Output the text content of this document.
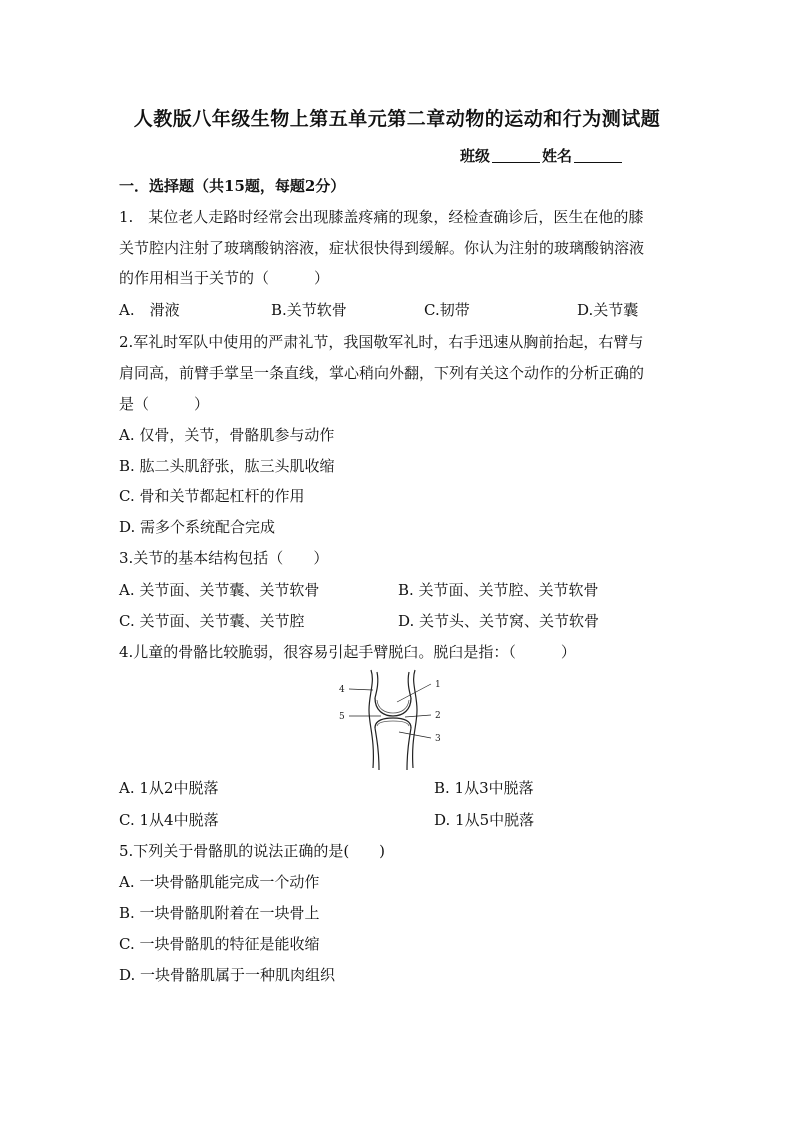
人教版八年级生物上第五单元第二章动物的运动和行为测试题
班级	姓名
一．选择题（共15题，每题2分）
1.　某位老人走路时经常会出现膝盖疼痛的现象，经检查确诊后，医生在他的膝
关节腔内注射了玻璃酸钠溶液，症状很快得到缓解。你认为注射的玻璃酸钠溶液
的作用相当于关节的（　　　）
A.　滑液	B.关节软骨	C.韧带	D.关节囊
2.军礼时军队中使用的严肃礼节，我国敬军礼时，右手迅速从胸前抬起，右臂与
肩同高，前臂手掌呈一条直线，掌心稍向外翻，下列有关这个动作的分析正确的
是（　　　）
A. 仅骨，关节，骨骼肌参与动作
B. 肱二头肌舒张，肱三头肌收缩
C. 骨和关节都起杠杆的作用
D. 需多个系统配合完成
3.关节的基本结构包括（　　）
A. 关节面、关节囊、关节软骨	B. 关节面、关节腔、关节软骨
C. 关节面、关节囊、关节腔	D. 关节头、关节窝、关节软骨
4.儿童的骨骼比较脆弱，很容易引起手臂脱臼。脱臼是指：（　　　）
1
2
3
4
5
A. 1从2中脱落	B. 1从3中脱落
C. 1从4中脱落	D. 1从5中脱落
5.下列关于骨骼肌的说法正确的是(　　)
A. 一块骨骼肌能完成一个动作
B. 一块骨骼肌附着在一块骨上
C. 一块骨骼肌的特征是能收缩
D. 一块骨骼肌属于一种肌肉组织
